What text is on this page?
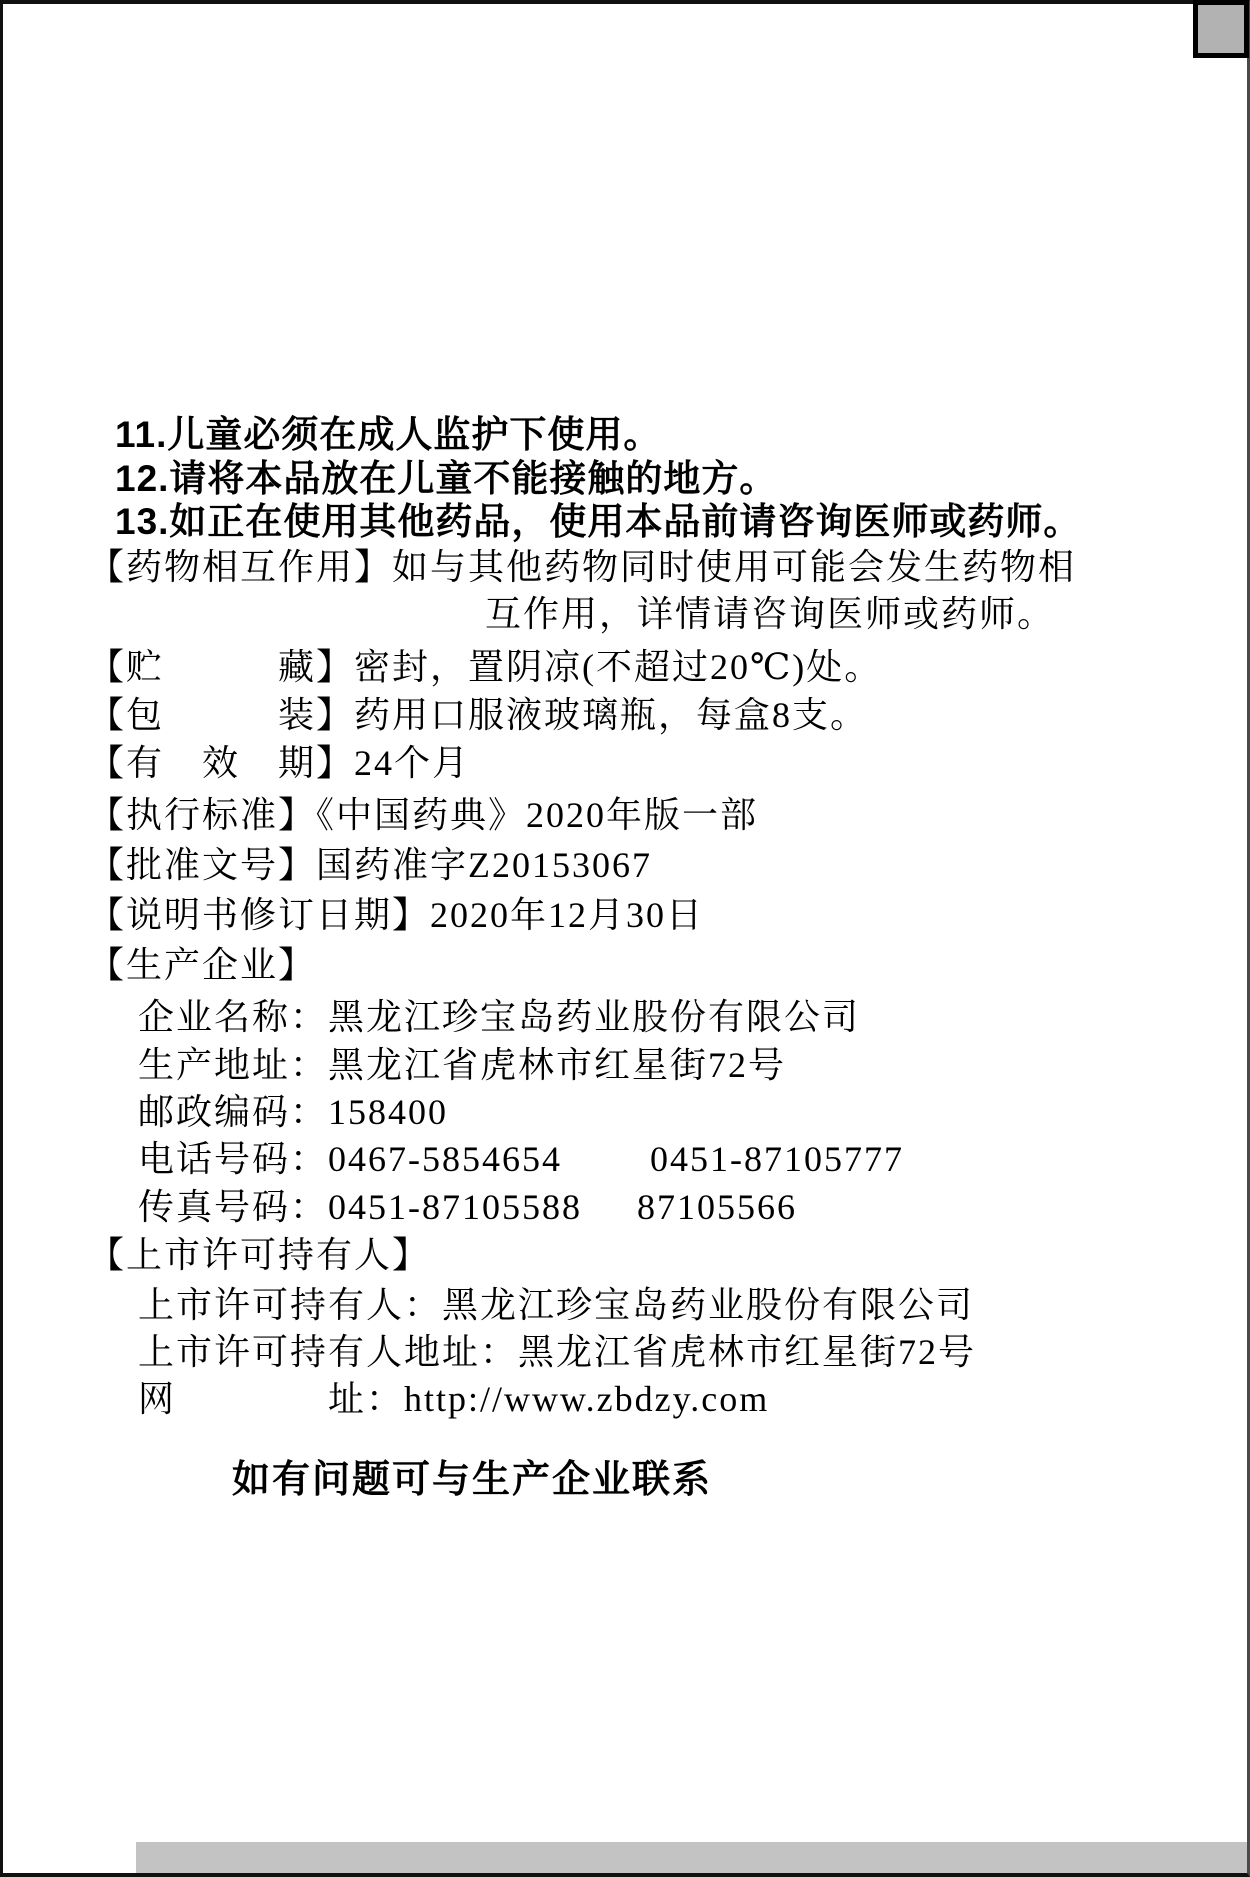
11.儿童必须在成人监护下使用。
12.请将本品放在儿童不能接触的地方。
13.如正在使用其他药品，使用本品前请咨询医师或药师。
【药物相互作用】如与其他药物同时使用可能会发生药物相
互作用，详情请咨询医师或药师。
【贮　　　藏】密封，置阴凉(不超过20℃)处。
【包　　　装】药用口服液玻璃瓶，每盒8支。
【有　效　期】24个月
【执行标准】《中国药典》2020年版一部
【批准文号】国药准字Z20153067
【说明书修订日期】2020年12月30日
【生产企业】
企业名称：黑龙江珍宝岛药业股份有限公司
生产地址：黑龙江省虎林市红星街72号
邮政编码：158400
电话号码：0467-5854654        0451-87105777
传真号码：0451-87105588     87105566
【上市许可持有人】
上市许可持有人：黑龙江珍宝岛药业股份有限公司
上市许可持有人地址：黑龙江省虎林市红星街72号
网　　　　址：http://www.zbdzy.com
如有问题可与生产企业联系
